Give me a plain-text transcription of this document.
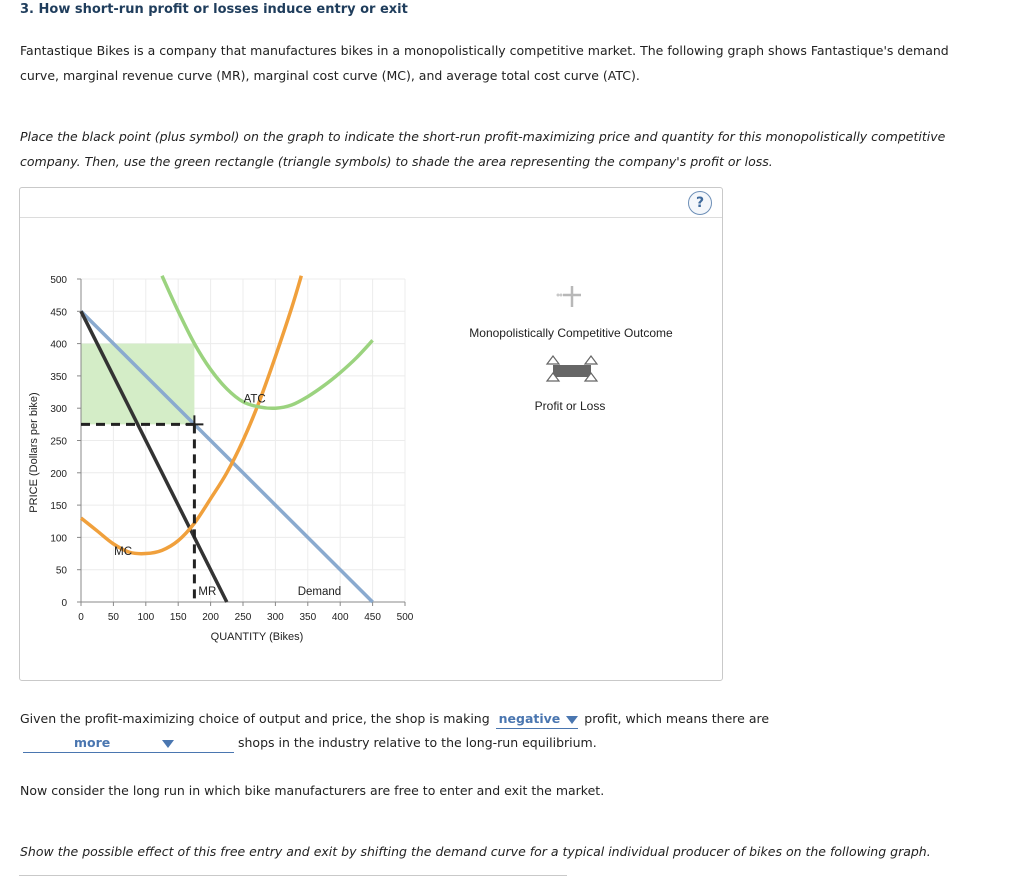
3. How short-run profit or losses induce entry or exit
Fantastique Bikes is a company that manufactures bikes in a monopolistically competitive market. The following graph shows Fantastique's demand curve, marginal revenue curve (MR), marginal cost curve (MC), and average total cost curve (ATC).
Place the black point (plus symbol) on the graph to indicate the short-run profit-maximizing price and quantity for this monopolistically competitive company. Then, use the green rectangle (triangle symbols) to shade the area representing the company's profit or loss.
?
0 50 100 150 200 250 300 350 400 450 500
0
50
100
150
200
250
300
350
400
450
500
ATC
MC
MR	Demand
QUANTITY (Bikes)
PRICE (Dollars per bike)
Monopolistically Competitive Outcome
Profit or Loss
Given the profit-maximizing choice of output and price, the shop is making negative profit, which means there are
more	shops in the industry relative to the long-run equilibrium.
Now consider the long run in which bike manufacturers are free to enter and exit the market.
Show the possible effect of this free entry and exit by shifting the demand curve for a typical individual producer of bikes on the following graph.
